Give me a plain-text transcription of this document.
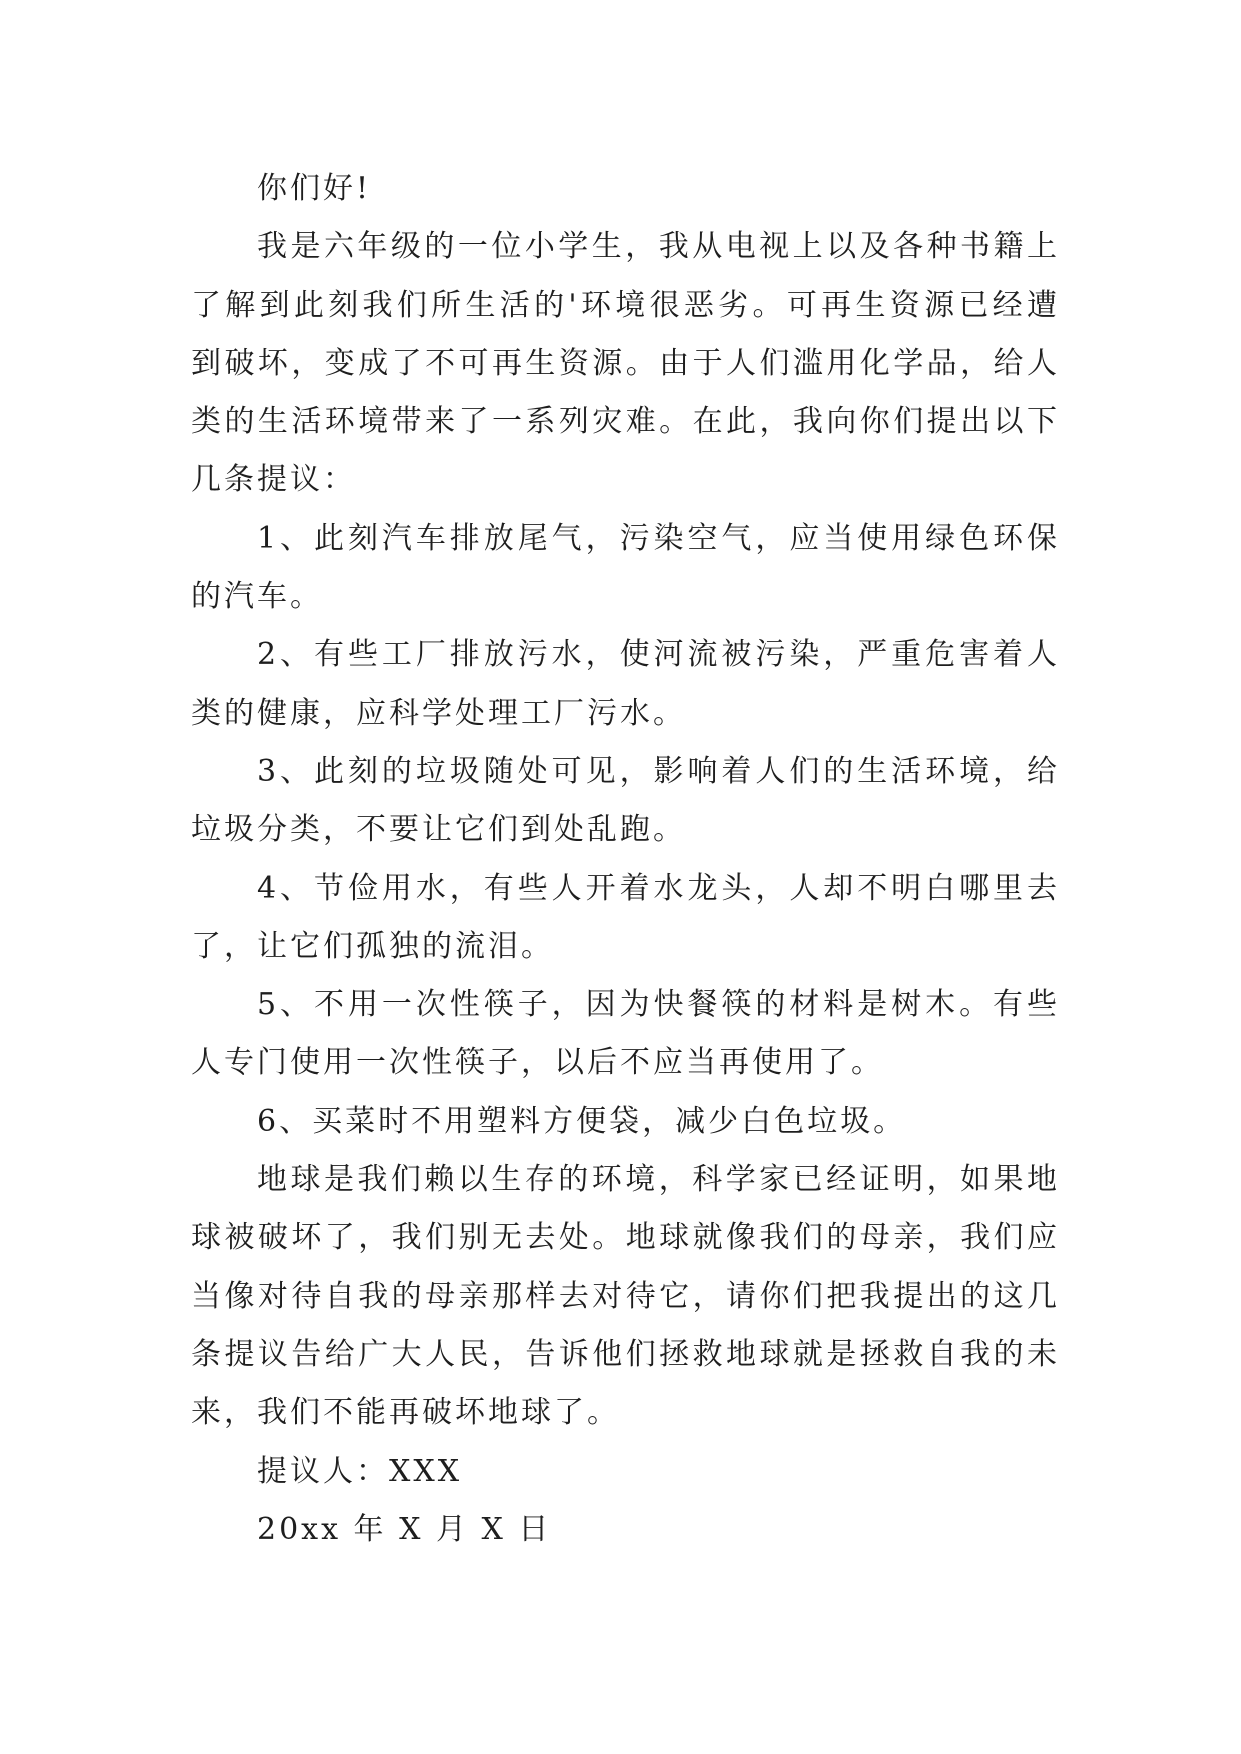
你们好!
我是六年级的一位小学生，我从电视上以及各种书籍上
了解到此刻我们所生活的'环境很恶劣。可再生资源已经遭
到破坏，变成了不可再生资源。由于人们滥用化学品，给人
类的生活环境带来了一系列灾难。在此，我向你们提出以下
几条提议：
1、此刻汽车排放尾气，污染空气，应当使用绿色环保
的汽车。
2、有些工厂排放污水，使河流被污染，严重危害着人
类的健康，应科学处理工厂污水。
3、此刻的垃圾随处可见，影响着人们的生活环境，给
垃圾分类，不要让它们到处乱跑。
4、节俭用水，有些人开着水龙头，人却不明白哪里去
了，让它们孤独的流泪。
5、不用一次性筷子，因为快餐筷的材料是树木。有些
人专门使用一次性筷子，以后不应当再使用了。
6、买菜时不用塑料方便袋，减少白色垃圾。
地球是我们赖以生存的环境，科学家已经证明，如果地
球被破坏了，我们别无去处。地球就像我们的母亲，我们应
当像对待自我的母亲那样去对待它，请你们把我提出的这几
条提议告给广大人民，告诉他们拯救地球就是拯救自我的未
来，我们不能再破坏地球了。
提议人：XXX
20xx 年 X 月 X 日
